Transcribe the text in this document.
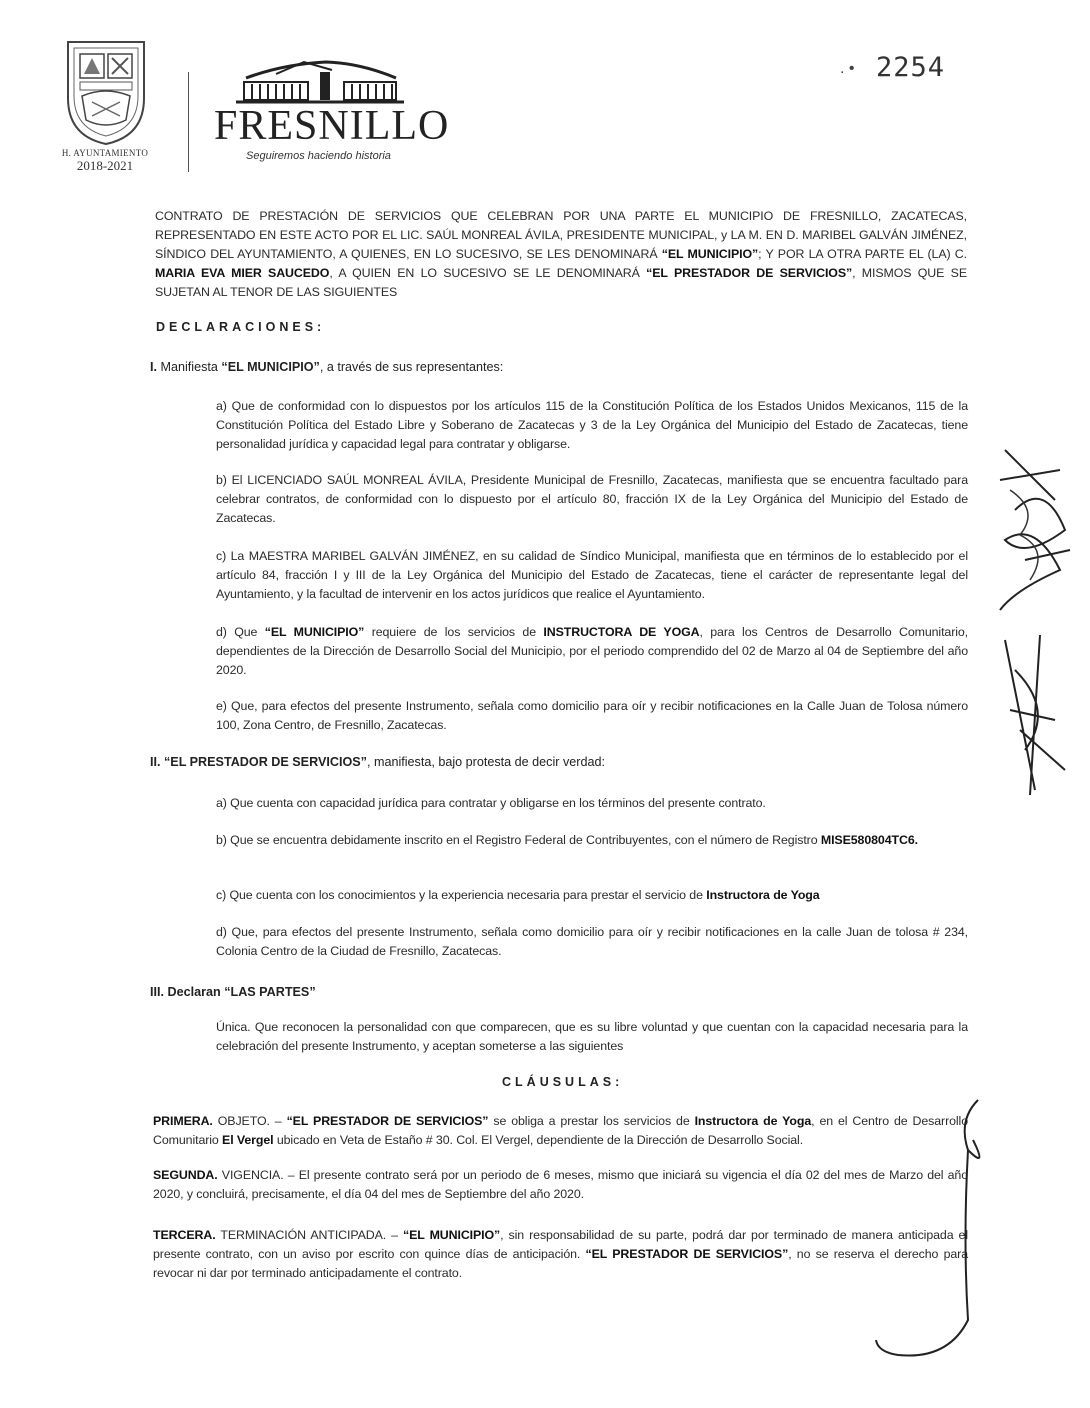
H. AYUNTAMIENTO
2018-2021
FRESNILLO
Seguiremos haciendo historia
. • 2254
CONTRATO DE PRESTACIÓN DE SERVICIOS QUE CELEBRAN POR UNA PARTE EL MUNICIPIO DE FRESNILLO, ZACATECAS, REPRESENTADO EN ESTE ACTO POR EL LIC. SAÚL MONREAL ÁVILA, PRESIDENTE MUNICIPAL, y LA M. EN D. MARIBEL GALVÁN JIMÉNEZ, SÍNDICO DEL AYUNTAMIENTO, A QUIENES, EN LO SUCESIVO, SE LES DENOMINARÁ “EL MUNICIPIO”; Y POR LA OTRA PARTE EL (LA) C. MARIA EVA MIER SAUCEDO, A QUIEN EN LO SUCESIVO SE LE DENOMINARÁ “EL PRESTADOR DE SERVICIOS”, MISMOS QUE SE SUJETAN AL TENOR DE LAS SIGUIENTES
DECLARACIONES:
I. Manifiesta “EL MUNICIPIO”, a través de sus representantes:
a) Que de conformidad con lo dispuestos por los artículos 115 de la Constitución Política de los Estados Unidos Mexicanos, 115 de la Constitución Política del Estado Libre y Soberano de Zacatecas y 3 de la Ley Orgánica del Municipio del Estado de Zacatecas, tiene personalidad jurídica y capacidad legal para contratar y obligarse.
b) El LICENCIADO SAÚL MONREAL ÁVILA, Presidente Municipal de Fresnillo, Zacatecas, manifiesta que se encuentra facultado para celebrar contratos, de conformidad con lo dispuesto por el artículo 80, fracción IX de la Ley Orgánica del Municipio del Estado de Zacatecas.
c) La MAESTRA MARIBEL GALVÁN JIMÉNEZ, en su calidad de Síndico Municipal, manifiesta que en términos de lo establecido por el artículo 84, fracción I y III de la Ley Orgánica del Municipio del Estado de Zacatecas, tiene el carácter de representante legal del Ayuntamiento, y la facultad de intervenir en los actos jurídicos que realice el Ayuntamiento.
d) Que “EL MUNICIPIO” requiere de los servicios de INSTRUCTORA DE YOGA, para los Centros de Desarrollo Comunitario, dependientes de la Dirección de Desarrollo Social del Municipio, por el periodo comprendido del 02 de Marzo al 04 de Septiembre del año 2020.
e) Que, para efectos del presente Instrumento, señala como domicilio para oír y recibir notificaciones en la Calle Juan de Tolosa número 100, Zona Centro, de Fresnillo, Zacatecas.
II. “EL PRESTADOR DE SERVICIOS”, manifiesta, bajo protesta de decir verdad:
a) Que cuenta con capacidad jurídica para contratar y obligarse en los términos del presente contrato.
b) Que se encuentra debidamente inscrito en el Registro Federal de Contribuyentes, con el número de Registro MISE580804TC6.
c) Que cuenta con los conocimientos y la experiencia necesaria para prestar el servicio de Instructora de Yoga
d) Que, para efectos del presente Instrumento, señala como domicilio para oír y recibir notificaciones en la calle Juan de tolosa # 234, Colonia Centro de la Ciudad de Fresnillo, Zacatecas.
III. Declaran “LAS PARTES”
Única. Que reconocen la personalidad con que comparecen, que es su libre voluntad y que cuentan con la capacidad necesaria para la celebración del presente Instrumento, y aceptan someterse a las siguientes
CLÁUSULAS:
PRIMERA. OBJETO. – “EL PRESTADOR DE SERVICIOS” se obliga a prestar los servicios de Instructora de Yoga, en el Centro de Desarrollo Comunitario El Vergel ubicado en Veta de Estaño # 30. Col. El Vergel, dependiente de la Dirección de Desarrollo Social.
SEGUNDA. VIGENCIA. – El presente contrato será por un periodo de 6 meses, mismo que iniciará su vigencia el día 02 del mes de Marzo del año 2020, y concluirá, precisamente, el día 04 del mes de Septiembre del año 2020.
TERCERA. TERMINACIÓN ANTICIPADA. – “EL MUNICIPIO”, sin responsabilidad de su parte, podrá dar por terminado de manera anticipada el presente contrato, con un aviso por escrito con quince días de anticipación. “EL PRESTADOR DE SERVICIOS”, no se reserva el derecho para revocar ni dar por terminado anticipadamente el contrato.
